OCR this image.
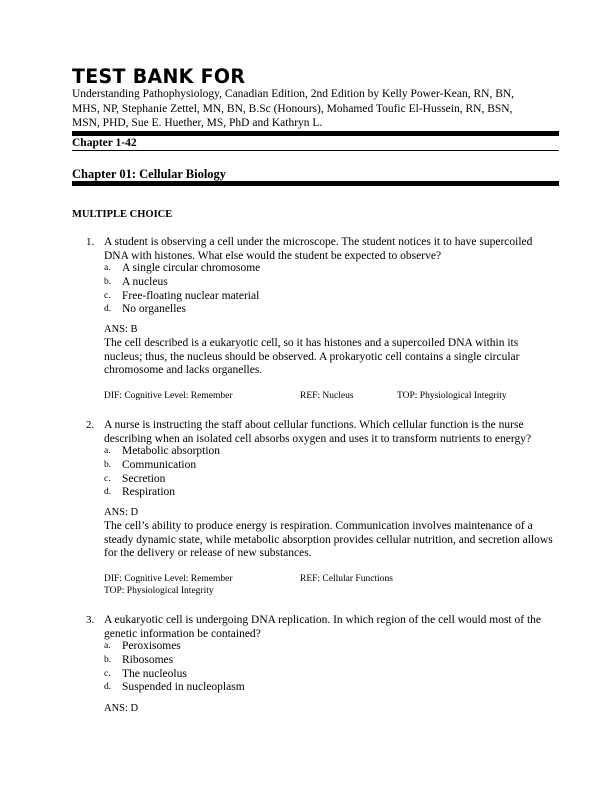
TEST BANK FOR
Understanding Pathophysiology, Canadian Edition, 2nd Edition by Kelly Power-Kean, RN, BN, MHS, NP, Stephanie Zettel, MN, BN, B.Sc (Honours), Mohamed Toufic El-Hussein, RN, BSN, MSN, PHD, Sue E. Huether, MS, PhD and Kathryn L.
Chapter 1-42
Chapter 01: Cellular Biology
MULTIPLE CHOICE
1. A student is observing a cell under the microscope. The student notices it to have supercoiled DNA with histones. What else would the student be expected to observe?
a. A single circular chromosome
b. A nucleus
c. Free-floating nuclear material
d. No organelles
ANS: B
The cell described is a eukaryotic cell, so it has histones and a supercoiled DNA within its nucleus; thus, the nucleus should be observed. A prokaryotic cell contains a single circular chromosome and lacks organelles.
DIF: Cognitive Level: Remember	REF: Nucleus	TOP: Physiological Integrity
2. A nurse is instructing the staff about cellular functions. Which cellular function is the nurse describing when an isolated cell absorbs oxygen and uses it to transform nutrients to energy?
a. Metabolic absorption
b. Communication
c. Secretion
d. Respiration
ANS: D
The cell’s ability to produce energy is respiration. Communication involves maintenance of a steady dynamic state, while metabolic absorption provides cellular nutrition, and secretion allows for the delivery or release of new substances.
DIF: Cognitive Level: Remember	REF: Cellular Functions
TOP: Physiological Integrity
3. A eukaryotic cell is undergoing DNA replication. In which region of the cell would most of the genetic information be contained?
a. Peroxisomes
b. Ribosomes
c. The nucleolus
d. Suspended in nucleoplasm
ANS: D
